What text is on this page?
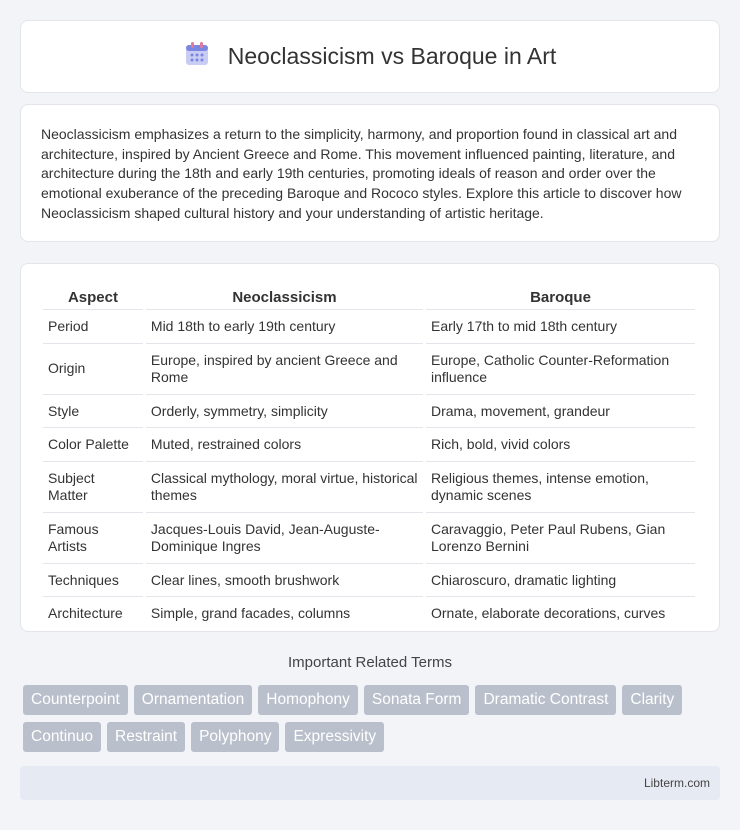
Neoclassicism vs Baroque in Art

Neoclassicism emphasizes a return to the simplicity, harmony, and proportion found in classical art and architecture, inspired by Ancient Greece and Rome. This movement influenced painting, literature, and architecture during the 18th and early 19th centuries, promoting ideals of reason and order over the emotional exuberance of the preceding Baroque and Rococo styles. Explore this article to discover how Neoclassicism shaped cultural history and your understanding of artistic heritage.

Aspect	Neoclassicism	Baroque
Period	Mid 18th to early 19th century	Early 17th to mid 18th century
Origin	Europe, inspired by ancient Greece and Rome	Europe, Catholic Counter-Reformation influence
Style	Orderly, symmetry, simplicity	Drama, movement, grandeur
Color Palette	Muted, restrained colors	Rich, bold, vivid colors
Subject Matter	Classical mythology, moral virtue, historical themes	Religious themes, intense emotion, dynamic scenes
Famous Artists	Jacques-Louis David, Jean-Auguste-Dominique Ingres	Caravaggio, Peter Paul Rubens, Gian Lorenzo Bernini
Techniques	Clear lines, smooth brushwork	Chiaroscuro, dramatic lighting
Architecture	Simple, grand facades, columns	Ornate, elaborate decorations, curves
Important Related Terms
Counterpoint	Ornamentation	Homophony	Sonata Form	Dramatic Contrast	Clarity
Continuo	Restraint	Polyphony	Expressivity
Libterm.com
